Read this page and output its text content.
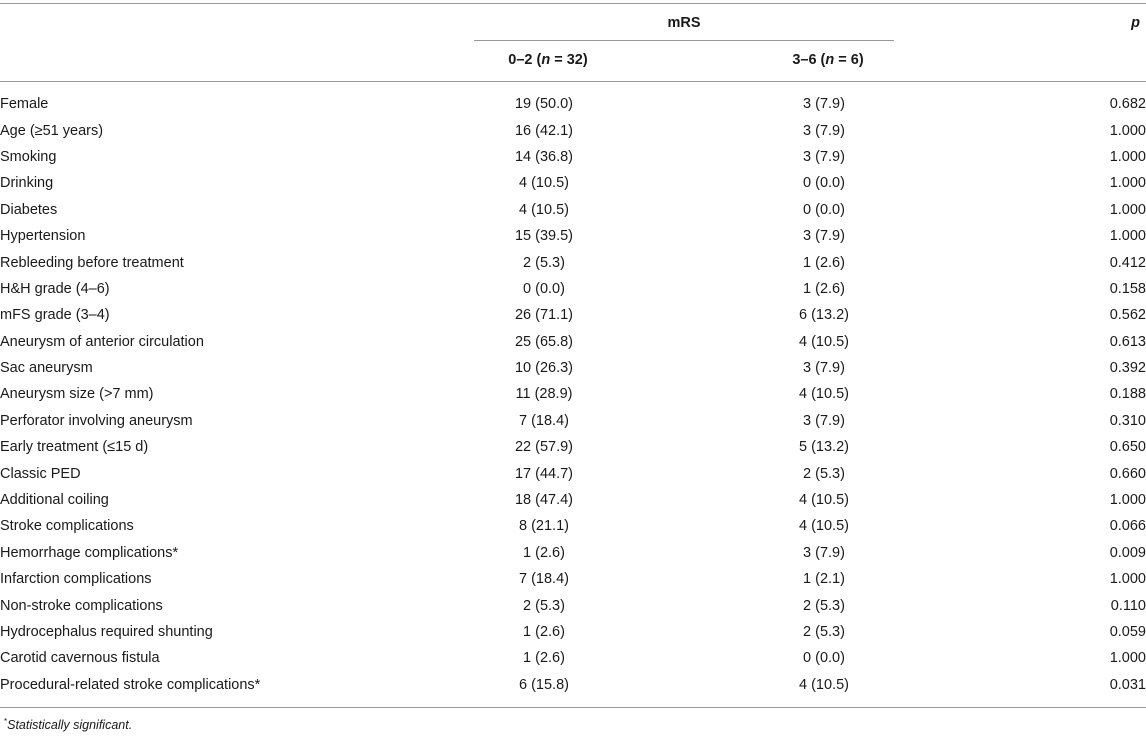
mRS	p
0–2 (n = 32)	3–6 (n = 6)
Female	19 (50.0)		3 (7.9)	0.682
Age (≥51 years)	16 (42.1)		3 (7.9)	1.000
Smoking	14 (36.8)		3 (7.9)	1.000
Drinking	4 (10.5)		0 (0.0)	1.000
Diabetes	4 (10.5)		0 (0.0)	1.000
Hypertension	15 (39.5)		3 (7.9)	1.000
Rebleeding before treatment	2 (5.3)		1 (2.6)	0.412
H&H grade (4–6)	0 (0.0)		1 (2.6)	0.158
mFS grade (3–4)	26 (71.1)		6 (13.2)	0.562
Aneurysm of anterior circulation	25 (65.8)		4 (10.5)	0.613
Sac aneurysm	10 (26.3)		3 (7.9)	0.392
Aneurysm size (>7 mm)	11 (28.9)		4 (10.5)	0.188
Perforator involving aneurysm	7 (18.4)		3 (7.9)	0.310
Early treatment (≤15 d)	22 (57.9)		5 (13.2)	0.650
Classic PED	17 (44.7)		2 (5.3)	0.660
Additional coiling	18 (47.4)		4 (10.5)	1.000
Stroke complications	8 (21.1)		4 (10.5)	0.066
Hemorrhage complications*	1 (2.6)		3 (7.9)	0.009
Infarction complications	7 (18.4)		1 (2.1)	1.000
Non-stroke complications	2 (5.3)		2 (5.3)	0.110
Hydrocephalus required shunting	1 (2.6)		2 (5.3)	0.059
Carotid cavernous fistula	1 (2.6)		0 (0.0)	1.000
Procedural-related stroke complications*	6 (15.8)		4 (10.5)	0.031
*Statistically significant.
